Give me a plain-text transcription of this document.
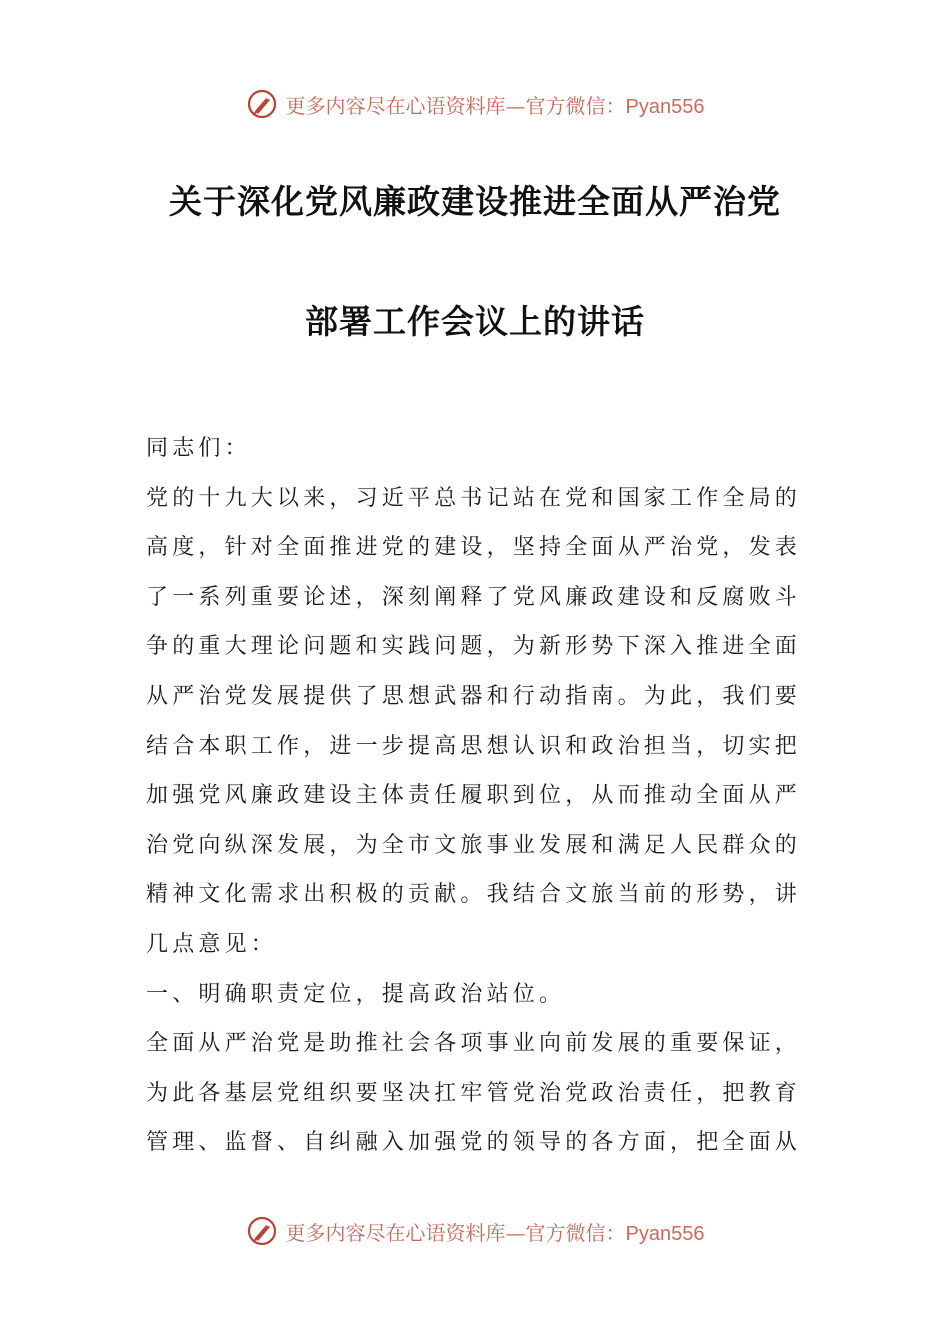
更多内容尽在心语资料库—官方微信：Pyan556
关于深化党风廉政建设推进全面从严治党
部署工作会议上的讲话

同志们：

党的十九大以来，习近平总书记站在党和国家工作全局的高度，针对全面推进党的建设，坚持全面从严治党，发表了一系列重要论述，深刻阐释了党风廉政建设和反腐败斗争的重大理论问题和实践问题，为新形势下深入推进全面从严治党发展提供了思想武器和行动指南。为此，我们要结合本职工作，进一步提高思想认识和政治担当，切实把加强党风廉政建设主体责任履职到位，从而推动全面从严治党向纵深发展，为全市文旅事业发展和满足人民群众的精神文化需求出积极的贡献。我结合文旅当前的形势，讲几点意见：

一、明确职责定位，提高政治站位。

全面从严治党是助推社会各项事业向前发展的重要保证，为此各基层党组织要坚决扛牢管党治党政治责任，把教育管理、监督、自纠融入加强党的领导的各方面，把全面从

更多内容尽在心语资料库—官方微信：Pyan556
